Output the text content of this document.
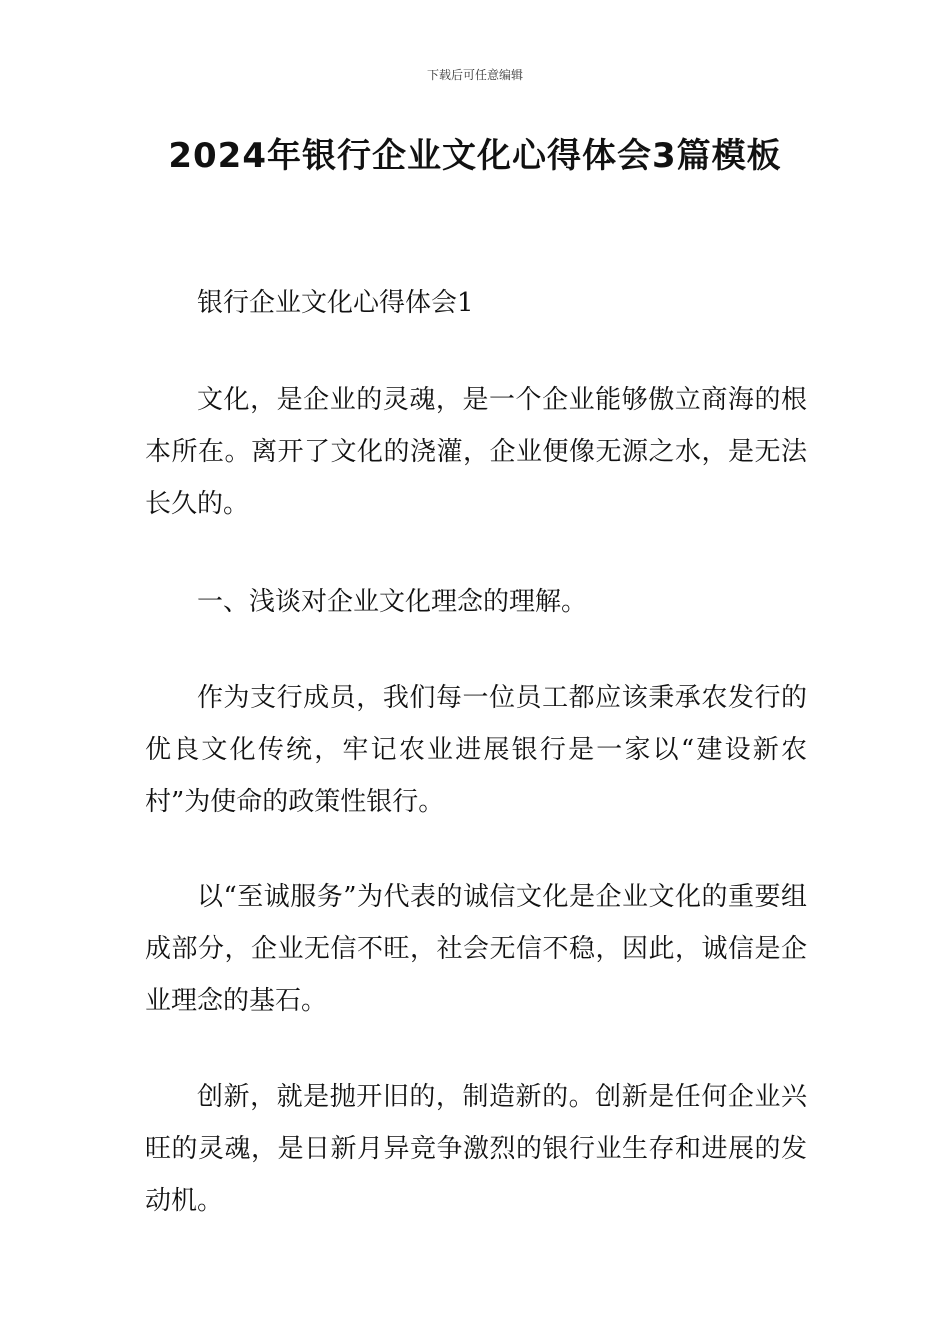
下载后可任意编辑
2024年银行企业文化心得体会3篇模板

银行企业文化心得体会1

文化，是企业的灵魂，是一个企业能够傲立商海的根本所在。离开了文化的浇灌，企业便像无源之水，是无法长久的。

一、浅谈对企业文化理念的理解。

作为支行成员，我们每一位员工都应该秉承农发行的优良文化传统，牢记农业进展银行是一家以“建设新农村”为使命的政策性银行。

以“至诚服务”为代表的诚信文化是企业文化的重要组成部分，企业无信不旺，社会无信不稳，因此，诚信是企业理念的基石。

创新，就是抛开旧的，制造新的。创新是任何企业兴旺的灵魂，是日新月异竞争激烈的银行业生存和进展的发动机。
